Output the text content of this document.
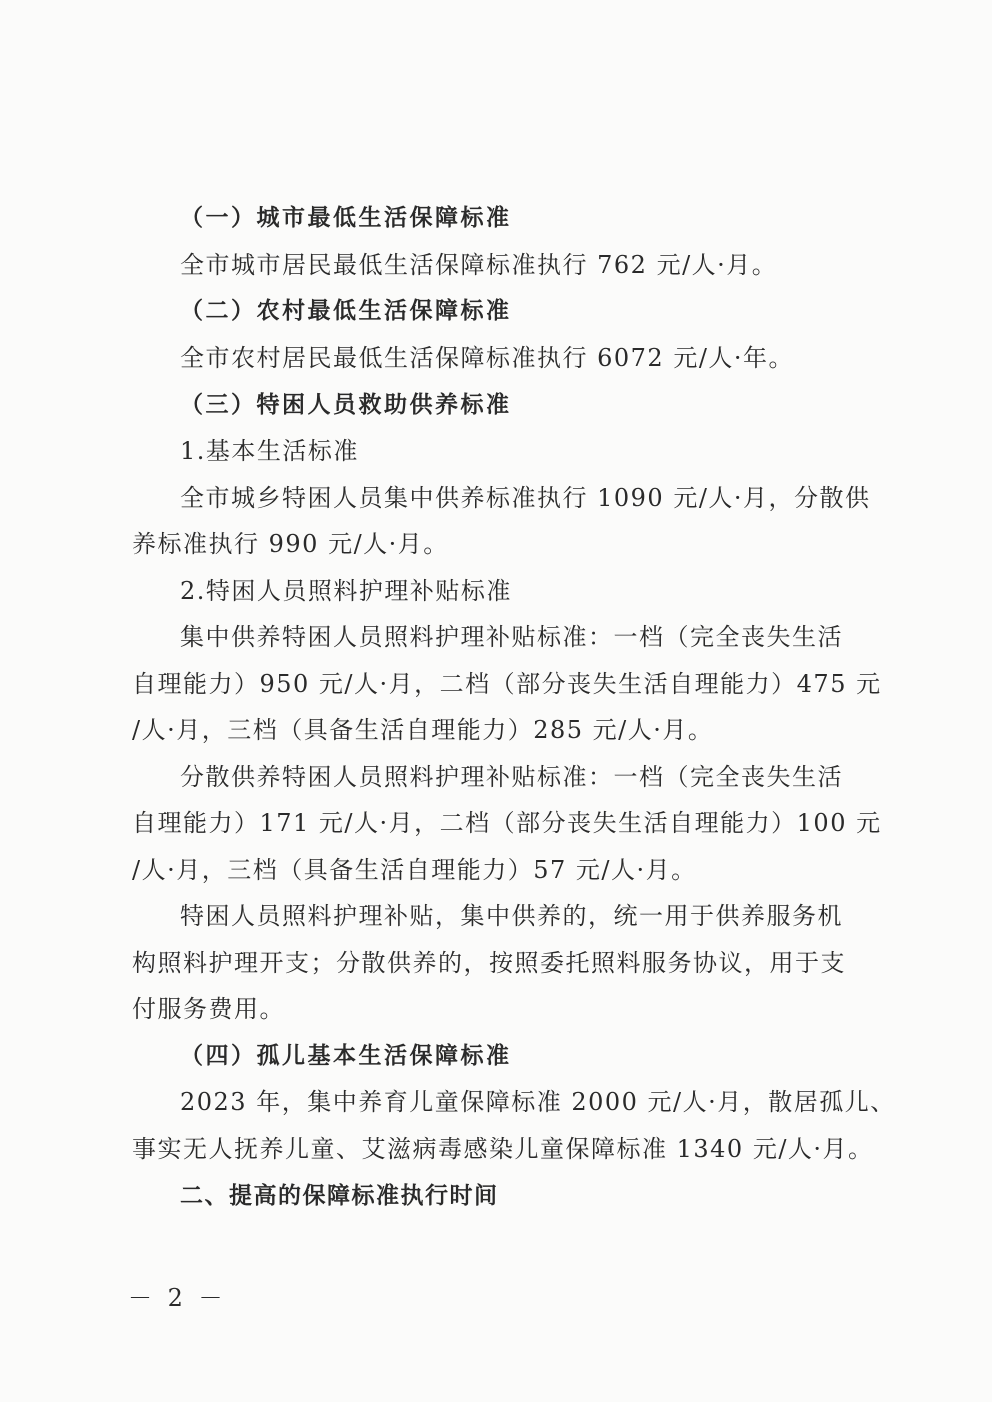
（一）城市最低生活保障标准
全市城市居民最低生活保障标准执行 762 元/人·月。
（二）农村最低生活保障标准
全市农村居民最低生活保障标准执行 6072 元/人·年。
（三）特困人员救助供养标准
1.基本生活标准
全市城乡特困人员集中供养标准执行 1090 元/人·月，分散供
养标准执行 990 元/人·月。
2.特困人员照料护理补贴标准
集中供养特困人员照料护理补贴标准：一档（完全丧失生活
自理能力）950 元/人·月，二档（部分丧失生活自理能力）475 元
/人·月，三档（具备生活自理能力）285 元/人·月。
分散供养特困人员照料护理补贴标准：一档（完全丧失生活
自理能力）171 元/人·月，二档（部分丧失生活自理能力）100 元
/人·月，三档（具备生活自理能力）57 元/人·月。
特困人员照料护理补贴，集中供养的，统一用于供养服务机
构照料护理开支；分散供养的，按照委托照料服务协议，用于支
付服务费用。
（四）孤儿基本生活保障标准
2023 年，集中养育儿童保障标准 2000 元/人·月，散居孤儿、
事实无人抚养儿童、艾滋病毒感染儿童保障标准 1340 元/人·月。
二、提高的保障标准执行时间
－ 2 －
